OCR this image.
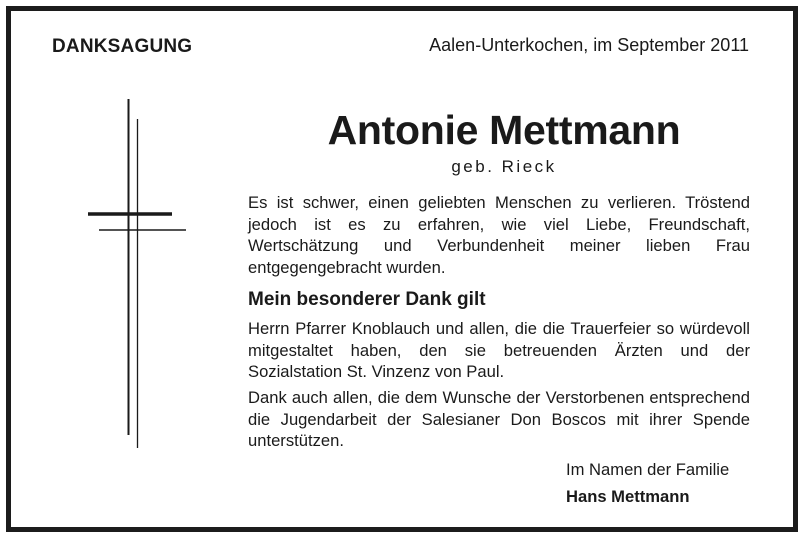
DANKSAGUNG	Aalen-Unterkochen, im September 2011
Antonie Mettmann
geb. Rieck

Es ist schwer, einen geliebten Menschen zu verlieren. Tröstend jedoch ist es zu erfahren, wie viel Liebe, Freundschaft, Wertschätzung und Verbundenheit meiner lieben Frau entgegengebracht wurden.

Mein besonderer Dank gilt

Herrn Pfarrer Knoblauch und allen, die die Trauerfeier so würdevoll mitgestaltet haben, den sie betreuenden Ärzten und der Sozialstation St. Vinzenz von Paul.

Dank auch allen, die dem Wunsche der Verstorbenen entsprechend die Jugendarbeit der Salesianer Don Boscos mit ihrer Spende unterstützen.

Im Namen der Familie
Hans Mettmann
